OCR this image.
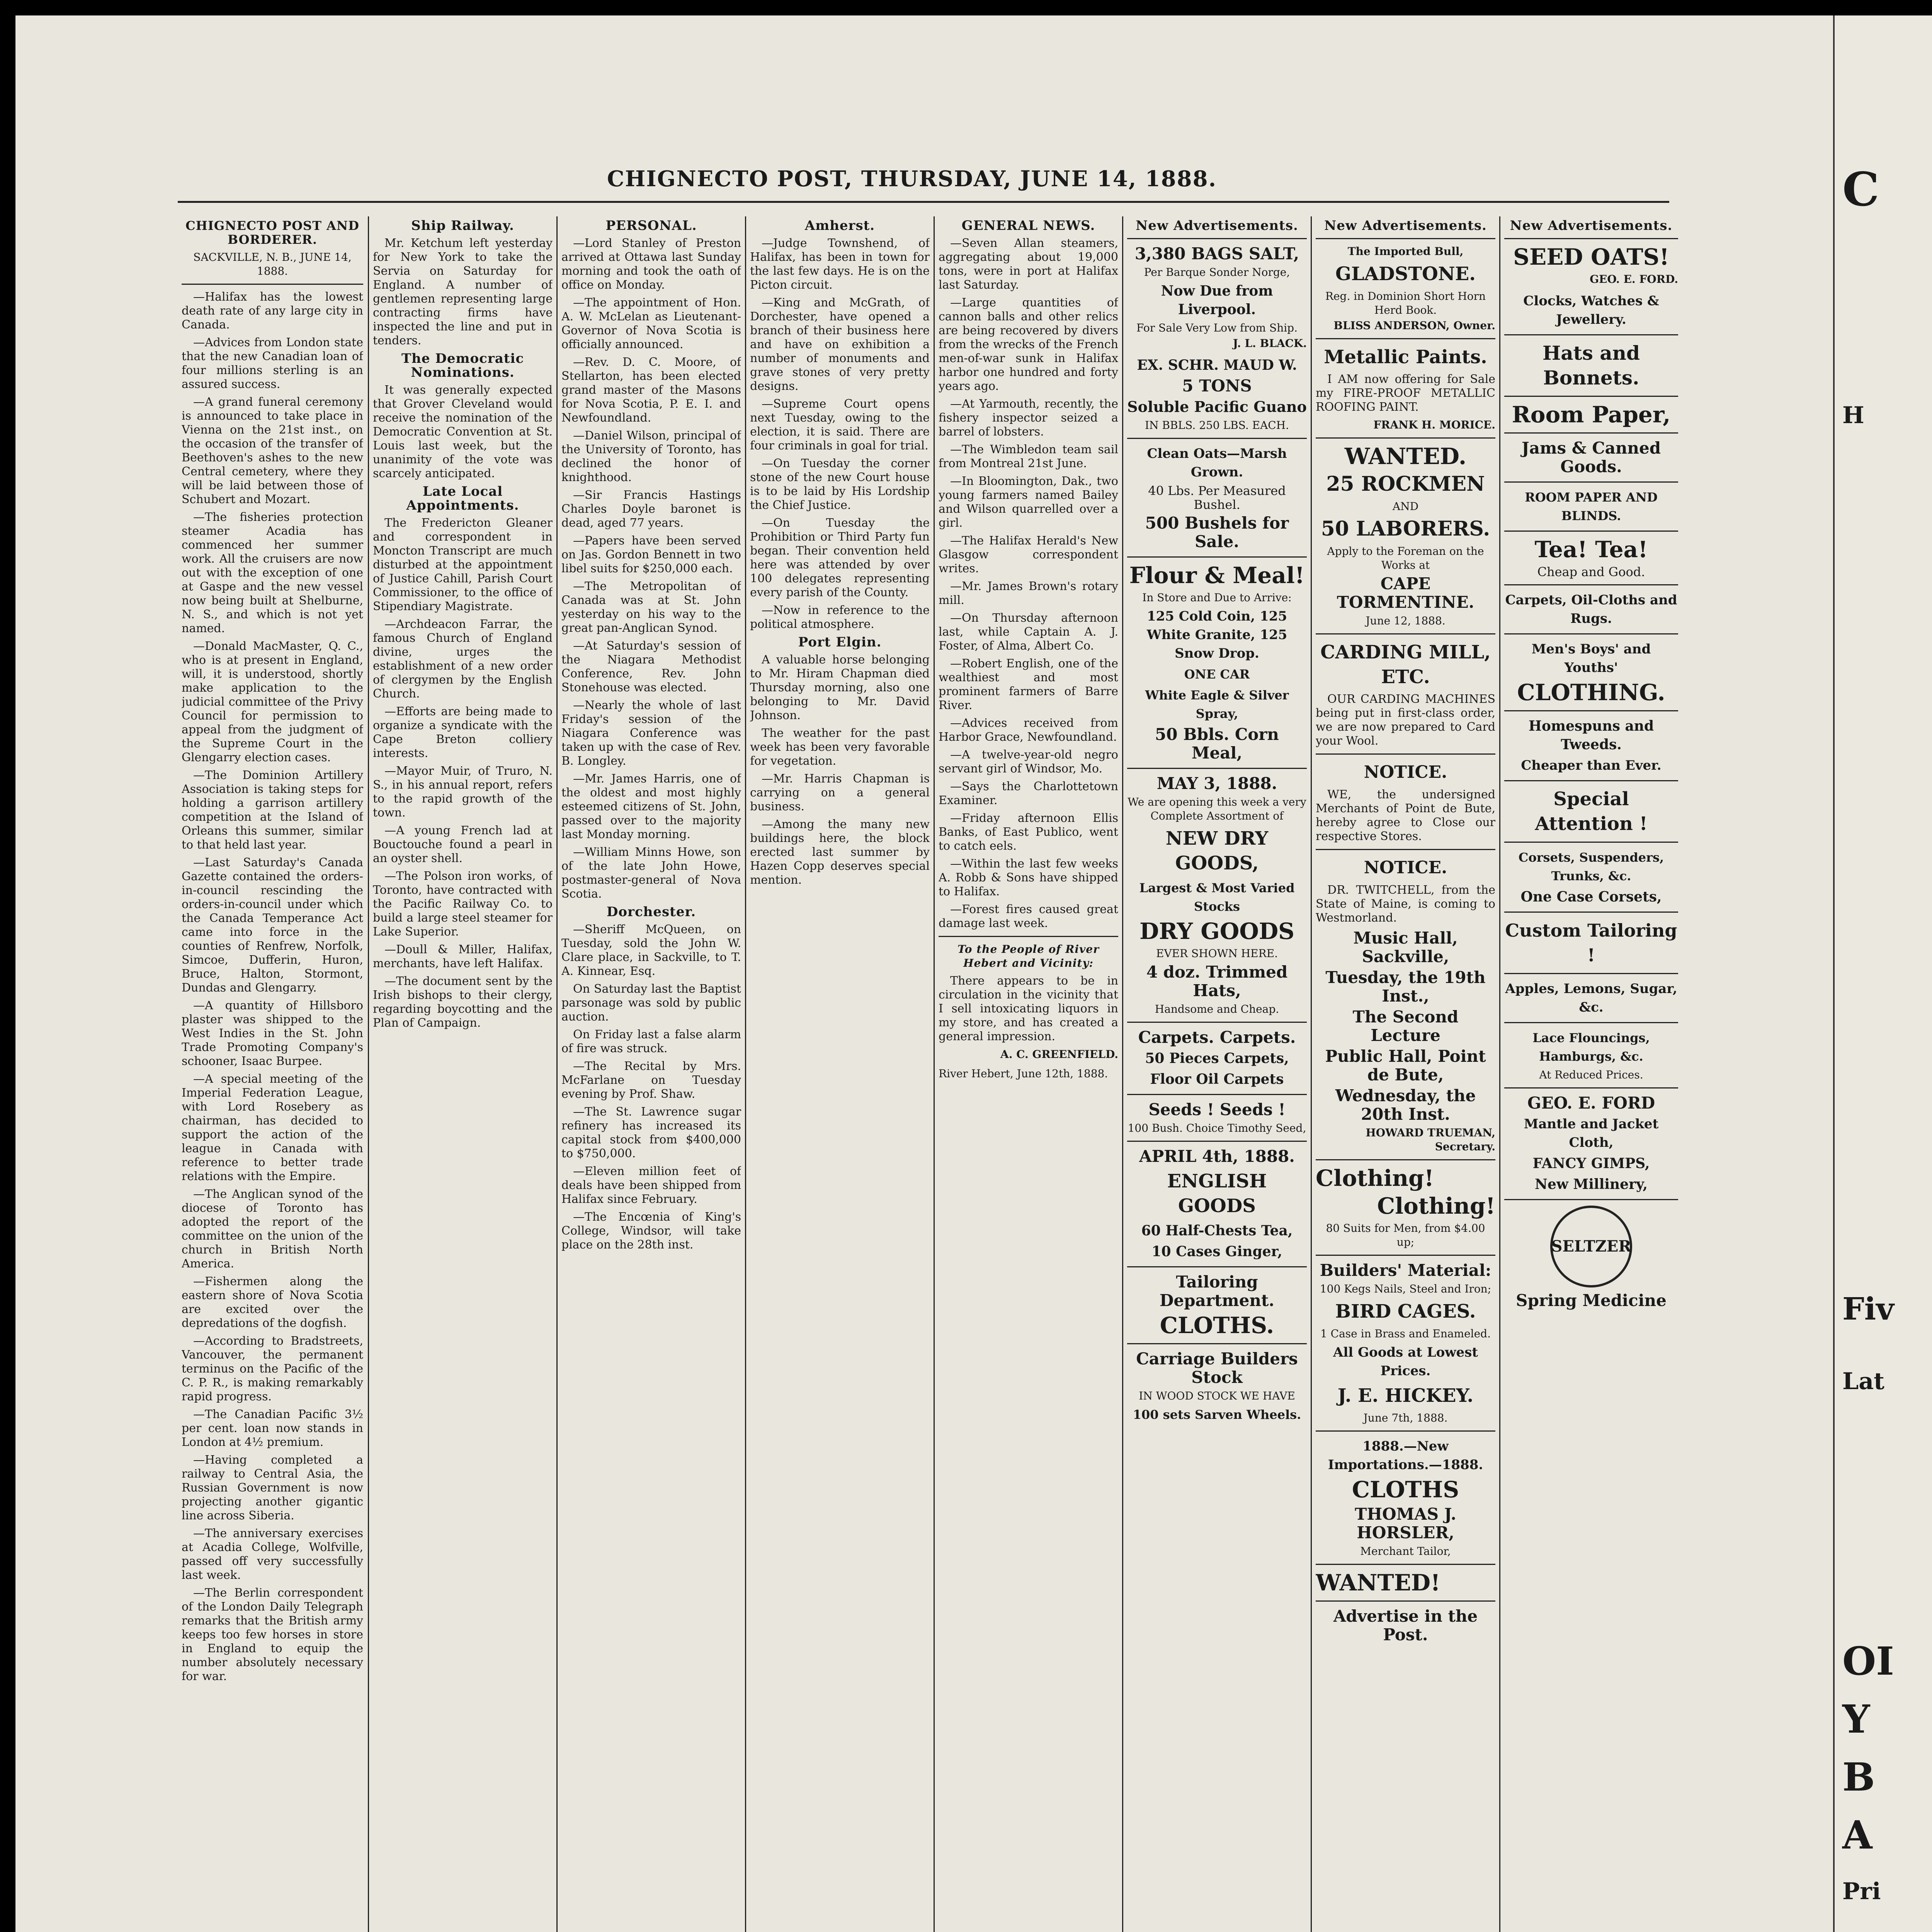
CHIGNECTO POST, THURSDAY, JUNE 14, 1888.
CHIGNECTO POST AND BORDERER.
SACKVILLE, N. B., JUNE 14, 1888.

—Halifax has the lowest death rate of any large city in Canada.

—Advices from London state that the new Canadian loan of four millions sterling is an assured success.

—A grand funeral ceremony is announced to take place in Vienna on the 21st inst., on the occasion of the transfer of Beethoven's ashes to the new Central cemetery, where they will be laid between those of Schubert and Mozart.

—The fisheries protection steamer Acadia has commenced her summer work. All the cruisers are now out with the exception of one at Gaspe and the new vessel now being built at Shelburne, N. S., and which is not yet named.

—Donald MacMaster, Q. C., who is at present in England, will, it is understood, shortly make application to the judicial committee of the Privy Council for permission to appeal from the judgment of the Supreme Court in the Glengarry election cases.

—The Dominion Artillery Association is taking steps for holding a garrison artillery competition at the Island of Orleans this summer, similar to that held last year.

—Last Saturday's Canada Gazette contained the orders-in-council rescinding the orders-in-council under which the Canada Temperance Act came into force in the counties of Renfrew, Norfolk, Simcoe, Dufferin, Huron, Bruce, Halton, Stormont, Dundas and Glengarry.

—A quantity of Hillsboro plaster was shipped to the West Indies in the St. John Trade Promoting Company's schooner, Isaac Burpee.

—A special meeting of the Imperial Federation League, with Lord Rosebery as chairman, has decided to support the action of the league in Canada with reference to better trade relations with the Empire.

—The Anglican synod of the diocese of Toronto has adopted the report of the committee on the union of the church in British North America.

—Fishermen along the eastern shore of Nova Scotia are excited over the depredations of the dogfish.

—According to Bradstreets, Vancouver, the permanent terminus on the Pacific of the C. P. R., is making remarkably rapid progress.

—The Canadian Pacific 3½ per cent. loan now stands in London at 4½ premium.

—Having completed a railway to Central Asia, the Russian Government is now projecting another gigantic line across Siberia.

—The anniversary exercises at Acadia College, Wolfville, passed off very successfully last week.

—The Berlin correspondent of the London Daily Telegraph remarks that the British army keeps too few horses in store in England to equip the number absolutely necessary for war.

Ship Railway.

Mr. Ketchum left yesterday for New York to take the Servia on Saturday for England. A number of gentlemen representing large contracting firms have inspected the line and put in tenders.

The Democratic Nominations.

It was generally expected that Grover Cleveland would receive the nomination of the Democratic Convention at St. Louis last week, but the unanimity of the vote was scarcely anticipated.

Late Local Appointments.

The Fredericton Gleaner and correspondent in Moncton Transcript are much disturbed at the appointment of Justice Cahill, Parish Court Commissioner, to the office of Stipendiary Magistrate.

—Archdeacon Farrar, the famous Church of England divine, urges the establishment of a new order of clergymen by the English Church.

—Efforts are being made to organize a syndicate with the Cape Breton colliery interests.

—Mayor Muir, of Truro, N. S., in his annual report, refers to the rapid growth of the town.

—A young French lad at Bouctouche found a pearl in an oyster shell.

—The Polson iron works, of Toronto, have contracted with the Pacific Railway Co. to build a large steel steamer for Lake Superior.

—Doull & Miller, Halifax, merchants, have left Halifax.

—The document sent by the Irish bishops to their clergy, regarding boycotting and the Plan of Campaign.

PERSONAL.

—Lord Stanley of Preston arrived at Ottawa last Sunday morning and took the oath of office on Monday.

—The appointment of Hon. A. W. McLelan as Lieutenant-Governor of Nova Scotia is officially announced.

—Rev. D. C. Moore, of Stellarton, has been elected grand master of the Masons for Nova Scotia, P. E. I. and Newfoundland.

—Daniel Wilson, principal of the University of Toronto, has declined the honor of knighthood.

—Sir Francis Hastings Charles Doyle baronet is dead, aged 77 years.

—Papers have been served on Jas. Gordon Bennett in two libel suits for $250,000 each.

—The Metropolitan of Canada was at St. John yesterday on his way to the great pan-Anglican Synod.

—At Saturday's session of the Niagara Methodist Conference, Rev. John Stonehouse was elected.

—Nearly the whole of last Friday's session of the Niagara Conference was taken up with the case of Rev. B. Longley.

—Mr. James Harris, one of the oldest and most highly esteemed citizens of St. John, passed over to the majority last Monday morning.

—William Minns Howe, son of the late John Howe, postmaster-general of Nova Scotia.

Dorchester.

—Sheriff McQueen, on Tuesday, sold the John W. Clare place, in Sackville, to T. A. Kinnear, Esq.

On Saturday last the Baptist parsonage was sold by public auction.

On Friday last a false alarm of fire was struck.

—The Recital by Mrs. McFarlane on Tuesday evening by Prof. Shaw.

—The St. Lawrence sugar refinery has increased its capital stock from $400,000 to $750,000.

—Eleven million feet of deals have been shipped from Halifax since February.

—The Encœnia of King's College, Windsor, will take place on the 28th inst.

Amherst.

—Judge Townshend, of Halifax, has been in town for the last few days. He is on the Picton circuit.

—King and McGrath, of Dorchester, have opened a branch of their business here and have on exhibition a number of monuments and grave stones of very pretty designs.

—Supreme Court opens next Tuesday, owing to the election, it is said. There are four criminals in goal for trial.

—On Tuesday the corner stone of the new Court house is to be laid by His Lordship the Chief Justice.

—On Tuesday the Prohibition or Third Party fun began. Their convention held here was attended by over 100 delegates representing every parish of the County.

—Now in reference to the political atmosphere.

Port Elgin.

A valuable horse belonging to Mr. Hiram Chapman died Thursday morning, also one belonging to Mr. David Johnson.

The weather for the past week has been very favorable for vegetation.

—Mr. Harris Chapman is carrying on a general business.

—Among the many new buildings here, the block erected last summer by Hazen Copp deserves special mention.

GENERAL NEWS.

—Seven Allan steamers, aggregating about 19,000 tons, were in port at Halifax last Saturday.

—Large quantities of cannon balls and other relics are being recovered by divers from the wrecks of the French men-of-war sunk in Halifax harbor one hundred and forty years ago.

—At Yarmouth, recently, the fishery inspector seized a barrel of lobsters.

—The Wimbledon team sail from Montreal 21st June.

—In Bloomington, Dak., two young farmers named Bailey and Wilson quarrelled over a girl.

—The Halifax Herald's New Glasgow correspondent writes.

—Mr. James Brown's rotary mill.

—On Thursday afternoon last, while Captain A. J. Foster, of Alma, Albert Co.

—Robert English, one of the wealthiest and most prominent farmers of Barre River.

—Advices received from Harbor Grace, Newfoundland.

—A twelve-year-old negro servant girl of Windsor, Mo.

—Says the Charlottetown Examiner.

—Friday afternoon Ellis Banks, of East Publico, went to catch eels.

—Within the last few weeks A. Robb & Sons have shipped to Halifax.

—Forest fires caused great damage last week.

To the People of River Hebert and Vicinity:

There appears to be in circulation in the vicinity that I sell intoxicating liquors in my store, and has created a general impression.

A. C. GREENFIELD.
River Hebert, June 12th, 1888.
New Advertisements.
3,380 BAGS SALT,
Per Barque Sonder Norge,
Now Due from Liverpool.
For Sale Very Low from Ship.
J. L. BLACK.
EX. SCHR. MAUD W.
5 TONS
Soluble Pacific Guano
IN BBLS. 250 LBS. EACH.
Clean Oats—Marsh Grown.
40 Lbs. Per Measured Bushel.
500 Bushels for Sale.
Flour & Meal!
In Store and Due to Arrive:
125 Cold Coin, 125 White Granite, 125 Snow Drop.
ONE CAR
White Eagle & Silver Spray,
50 Bbls. Corn Meal,
MAY 3, 1888.
We are opening this week a very Complete Assortment of
NEW DRY GOODS,
Largest & Most Varied Stocks
DRY GOODS
EVER SHOWN HERE.
4 doz. Trimmed Hats,
Handsome and Cheap.
Carpets. Carpets.
50 Pieces Carpets,
Floor Oil Carpets
Seeds ! Seeds !
100 Bush. Choice Timothy Seed,
APRIL 4th, 1888.
ENGLISH GOODS
60 Half-Chests Tea,
10 Cases Ginger,
Tailoring Department.
CLOTHS.
Carriage Builders Stock
IN WOOD STOCK WE HAVE
100 sets Sarven Wheels.
New Advertisements.
The Imported Bull,
GLADSTONE.
Reg. in Dominion Short Horn Herd Book.
BLISS ANDERSON, Owner.
Metallic Paints.

I AM now offering for Sale my FIRE-PROOF METALLIC ROOFING PAINT.

FRANK H. MORICE.
WANTED.
25 ROCKMEN
AND
50 LABORERS.
Apply to the Foreman on the Works at
CAPE TORMENTINE.
June 12, 1888.
CARDING MILL, ETC.

OUR CARDING MACHINES being put in first-class order, we are now prepared to Card your Wool.

NOTICE.

WE, the undersigned Merchants of Point de Bute, hereby agree to Close our respective Stores.

NOTICE.

DR. TWITCHELL, from the State of Maine, is coming to Westmorland.

Music Hall, Sackville,
Tuesday, the 19th Inst.,
The Second Lecture
Public Hall, Point de Bute,
Wednesday, the 20th Inst.
HOWARD TRUEMAN, Secretary.
Clothing!
Clothing!
80 Suits for Men, from $4.00 up;
Builders' Material:
100 Kegs Nails, Steel and Iron;
BIRD CAGES.
1 Case in Brass and Enameled.
All Goods at Lowest Prices.
J. E. HICKEY.
June 7th, 1888.
1888.—New Importations.—1888.
CLOTHS
THOMAS J. HORSLER,
Merchant Tailor,
WANTED!
Advertise in the Post.
New Advertisements.
SEED OATS!
GEO. E. FORD.
Clocks, Watches & Jewellery.
Hats and Bonnets.
Room Paper,
Jams & Canned Goods.
ROOM PAPER AND BLINDS.
Tea! Tea!
Cheap and Good.
Carpets, Oil-Cloths and Rugs.
Men's Boys' and Youths'
CLOTHING.
Homespuns and Tweeds.
Cheaper than Ever.
Special Attention !
Corsets, Suspenders, Trunks, &c.
One Case Corsets,
Custom Tailoring !
Apples, Lemons, Sugar, &c.
Lace Flouncings, Hamburgs, &c.
At Reduced Prices.
GEO. E. FORD
Mantle and Jacket Cloth,
FANCY GIMPS,
New Millinery,
SELTZER
Spring Medicine
C
H
Fiv
Lat
OI
Y
B
A
Pri
